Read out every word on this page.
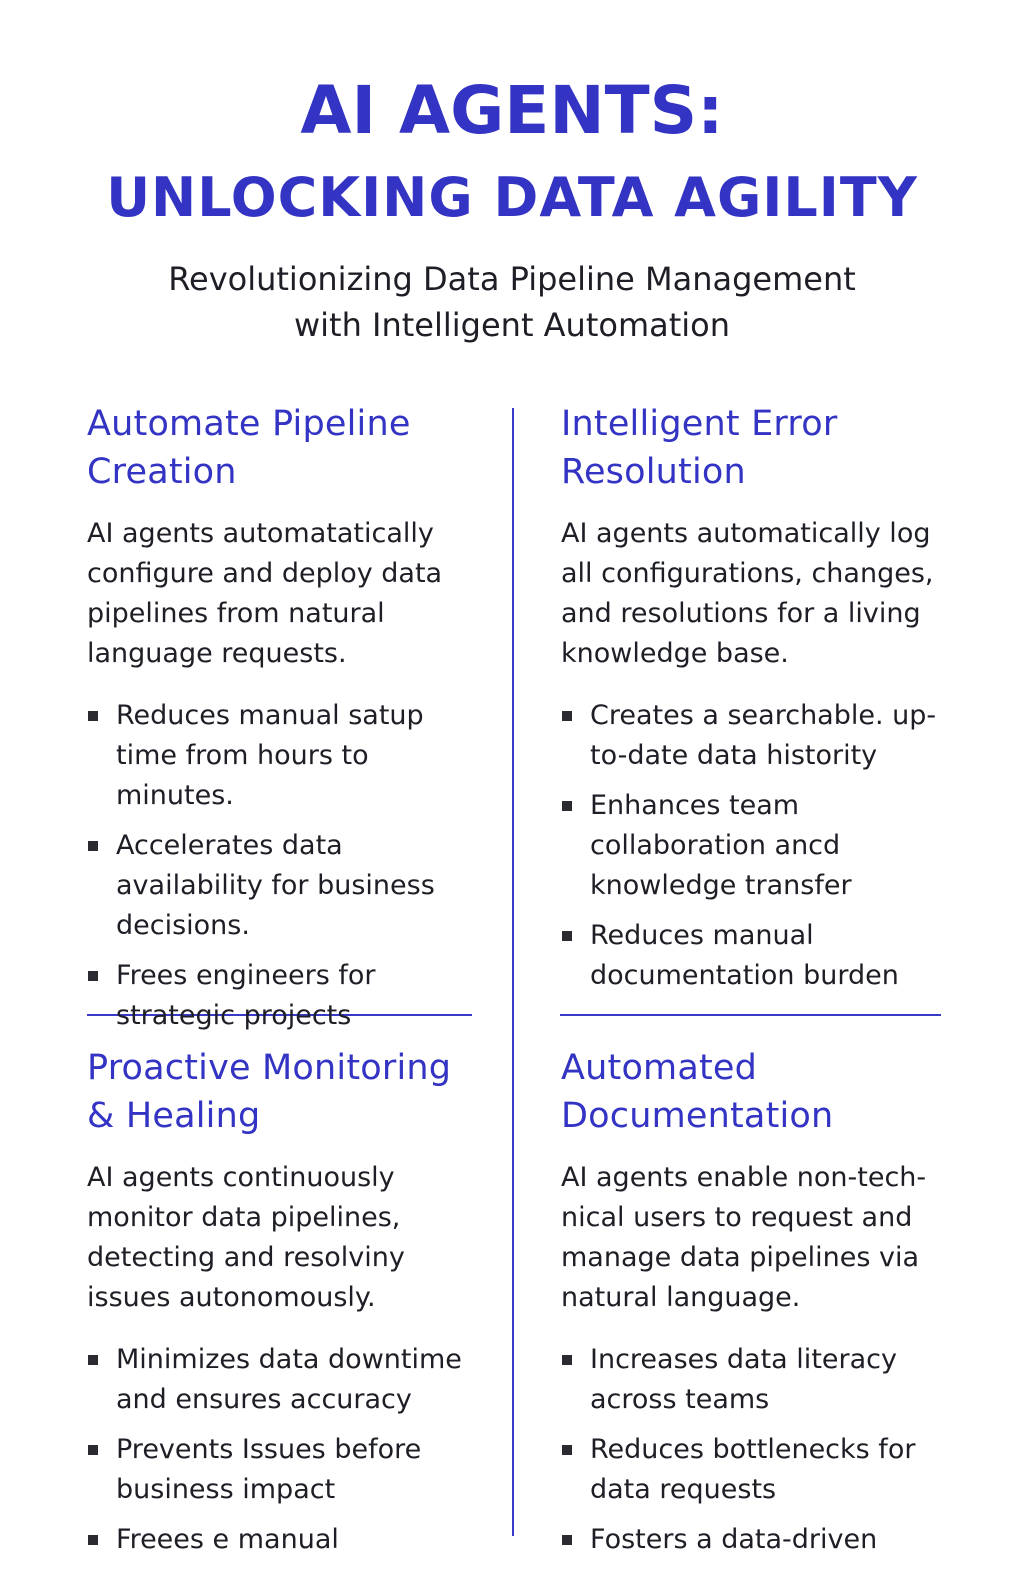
AI AGENTS:
UNLOCKING DATA AGILITY
Revolutionizing Data Pipeline Management
with Intelligent Automation
Automate Pipeline
Creation

AI agents automatatically configure and deploy data pipelines from natural language requests.

Reduces manual satup time from hours to minutes.
Accelerates data availability for business decisions.
Frees engineers for strategic projects
Intelligent Error
Resolution

AI agents automatically log all configurations, changes, and resolutions for a living knowledge base.

Creates a searchable. up-to-date data histority
Enhances team collaboration ancd knowledge transfer
Reduces manual documentation burden
Proactive Monitoring
& Healing

AI agents continuously monitor data pipelines, detecting and resolviny issues autonomously.

Minimizes data downtime and ensures accuracy
Prevents Issues before business impact
Freees e manual
Automated
Documentation

AI agents enable non-tech-nical users to request and manage data pipelines via natural language.

Increases data literacy across teams
Reduces bottlenecks for data requests
Fosters a data-driven
